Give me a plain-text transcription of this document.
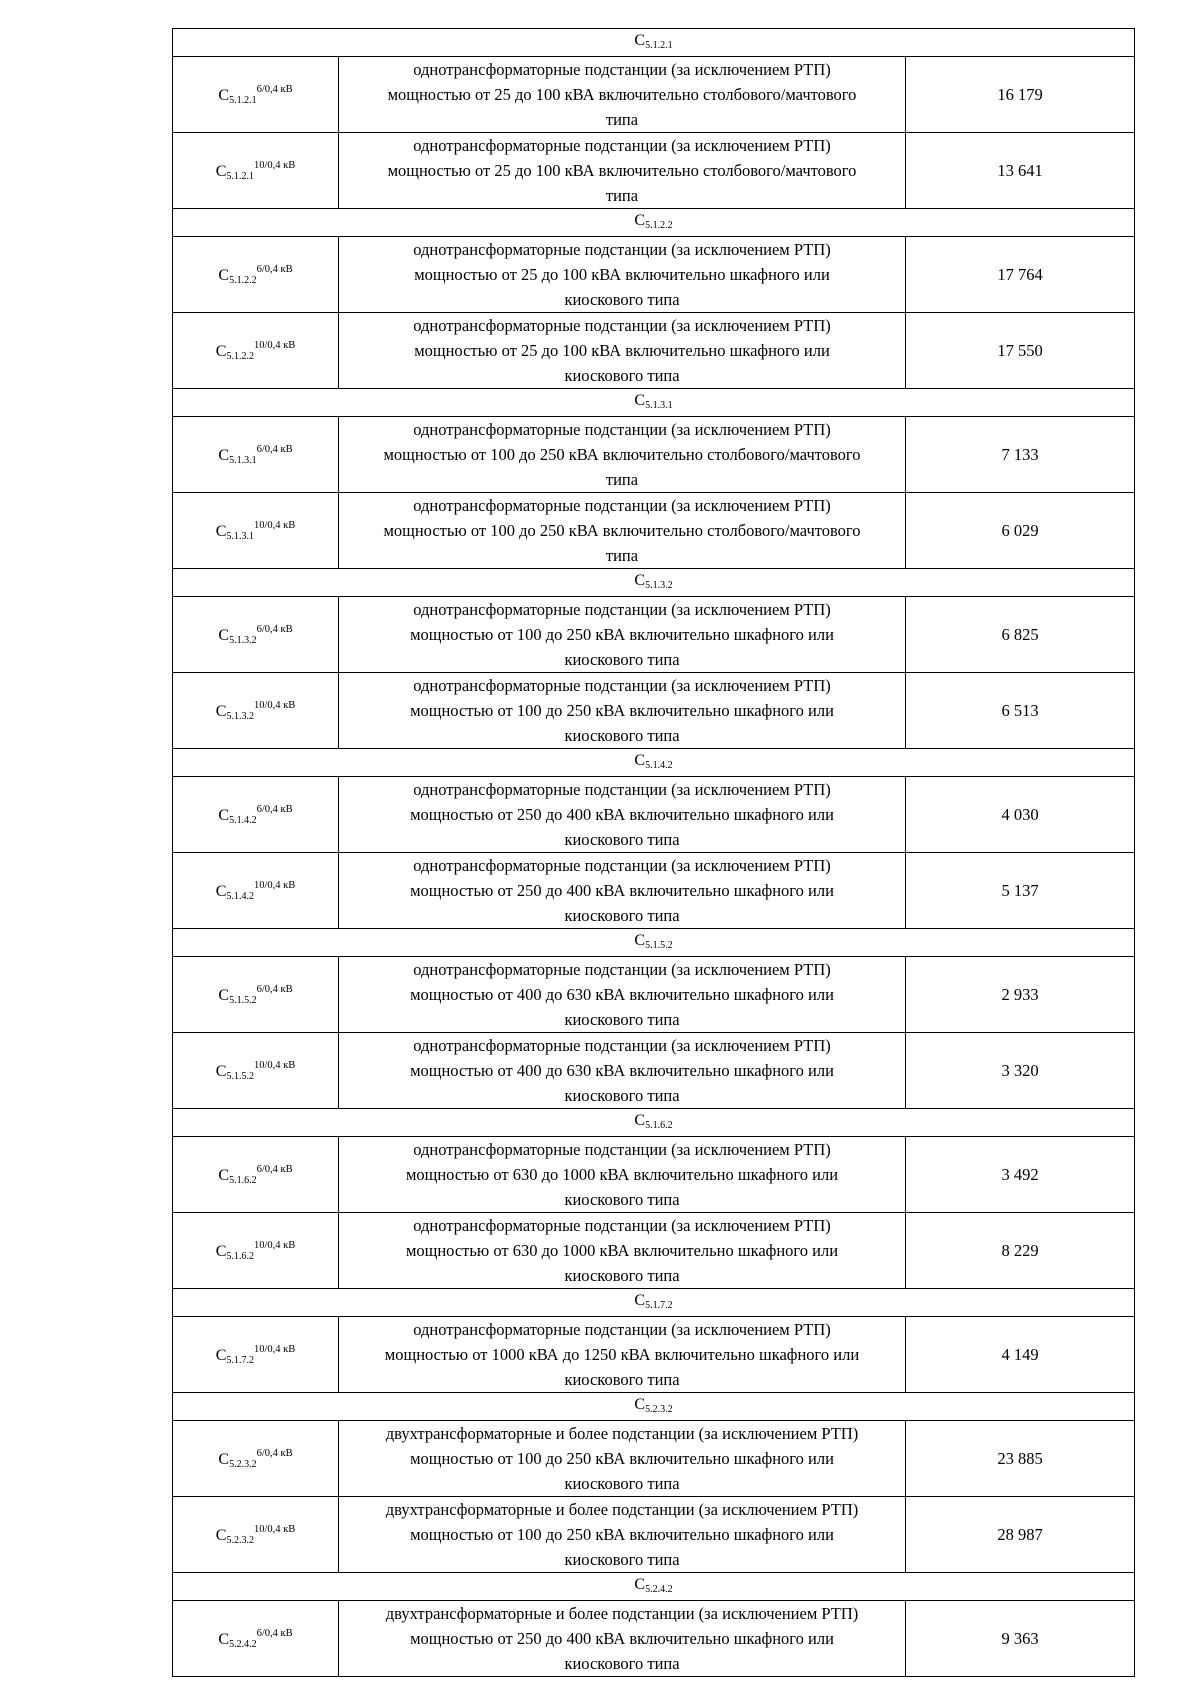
$C_{5.1.2.1}$
$C_{5.1.2.1}^{6/0,4 кВ}$	однотрансформаторные подстанции (за исключением РТП)
мощностью от 25 до 100 кВА включительно столбового/мачтового
типа	16 179
$C_{5.1.2.1}^{10/0,4 кВ}$	однотрансформаторные подстанции (за исключением РТП)
мощностью от 25 до 100 кВА включительно столбового/мачтового
типа	13 641
$C_{5.1.2.2}$
$C_{5.1.2.2}^{6/0,4 кВ}$	однотрансформаторные подстанции (за исключением РТП)
мощностью от 25 до 100 кВА включительно шкафного или
киоскового типа	17 764
$C_{5.1.2.2}^{10/0,4 кВ}$	однотрансформаторные подстанции (за исключением РТП)
мощностью от 25 до 100 кВА включительно шкафного или
киоскового типа	17 550
$C_{5.1.3.1}$
$C_{5.1.3.1}^{6/0,4 кВ}$	однотрансформаторные подстанции (за исключением РТП)
мощностью от 100 до 250 кВА включительно столбового/мачтового
типа	7 133
$C_{5.1.3.1}^{10/0,4 кВ}$	однотрансформаторные подстанции (за исключением РТП)
мощностью от 100 до 250 кВА включительно столбового/мачтового
типа	6 029
$C_{5.1.3.2}$
$C_{5.1.3.2}^{6/0,4 кВ}$	однотрансформаторные подстанции (за исключением РТП)
мощностью от 100 до 250 кВА включительно шкафного или
киоскового типа	6 825
$C_{5.1.3.2}^{10/0,4 кВ}$	однотрансформаторные подстанции (за исключением РТП)
мощностью от 100 до 250 кВА включительно шкафного или
киоскового типа	6 513
$C_{5.1.4.2}$
$C_{5.1.4.2}^{6/0,4 кВ}$	однотрансформаторные подстанции (за исключением РТП)
мощностью от 250 до 400 кВА включительно шкафного или
киоскового типа	4 030
$C_{5.1.4.2}^{10/0,4 кВ}$	однотрансформаторные подстанции (за исключением РТП)
мощностью от 250 до 400 кВА включительно шкафного или
киоскового типа	5 137
$C_{5.1.5.2}$
$C_{5.1.5.2}^{6/0,4 кВ}$	однотрансформаторные подстанции (за исключением РТП)
мощностью от 400 до 630 кВА включительно шкафного или
киоскового типа	2 933
$C_{5.1.5.2}^{10/0,4 кВ}$	однотрансформаторные подстанции (за исключением РТП)
мощностью от 400 до 630 кВА включительно шкафного или
киоскового типа	3 320
$C_{5.1.6.2}$
$C_{5.1.6.2}^{6/0,4 кВ}$	однотрансформаторные подстанции (за исключением РТП)
мощностью от 630 до 1000 кВА включительно шкафного или
киоскового типа	3 492
$C_{5.1.6.2}^{10/0,4 кВ}$	однотрансформаторные подстанции (за исключением РТП)
мощностью от 630 до 1000 кВА включительно шкафного или
киоскового типа	8 229
$C_{5.1.7.2}$
$C_{5.1.7.2}^{10/0,4 кВ}$	однотрансформаторные подстанции (за исключением РТП)
мощностью от 1000 кВА до 1250 кВА включительно шкафного или
киоскового типа	4 149
$C_{5.2.3.2}$
$C_{5.2.3.2}^{6/0,4 кВ}$	двухтрансформаторные и более подстанции (за исключением РТП)
мощностью от 100 до 250 кВА включительно шкафного или
киоскового типа	23 885
$C_{5.2.3.2}^{10/0,4 кВ}$	двухтрансформаторные и более подстанции (за исключением РТП)
мощностью от 100 до 250 кВА включительно шкафного или
киоскового типа	28 987
$C_{5.2.4.2}$
$C_{5.2.4.2}^{6/0,4 кВ}$	двухтрансформаторные и более подстанции (за исключением РТП)
мощностью от 250 до 400 кВА включительно шкафного или
киоскового типа	9 363
